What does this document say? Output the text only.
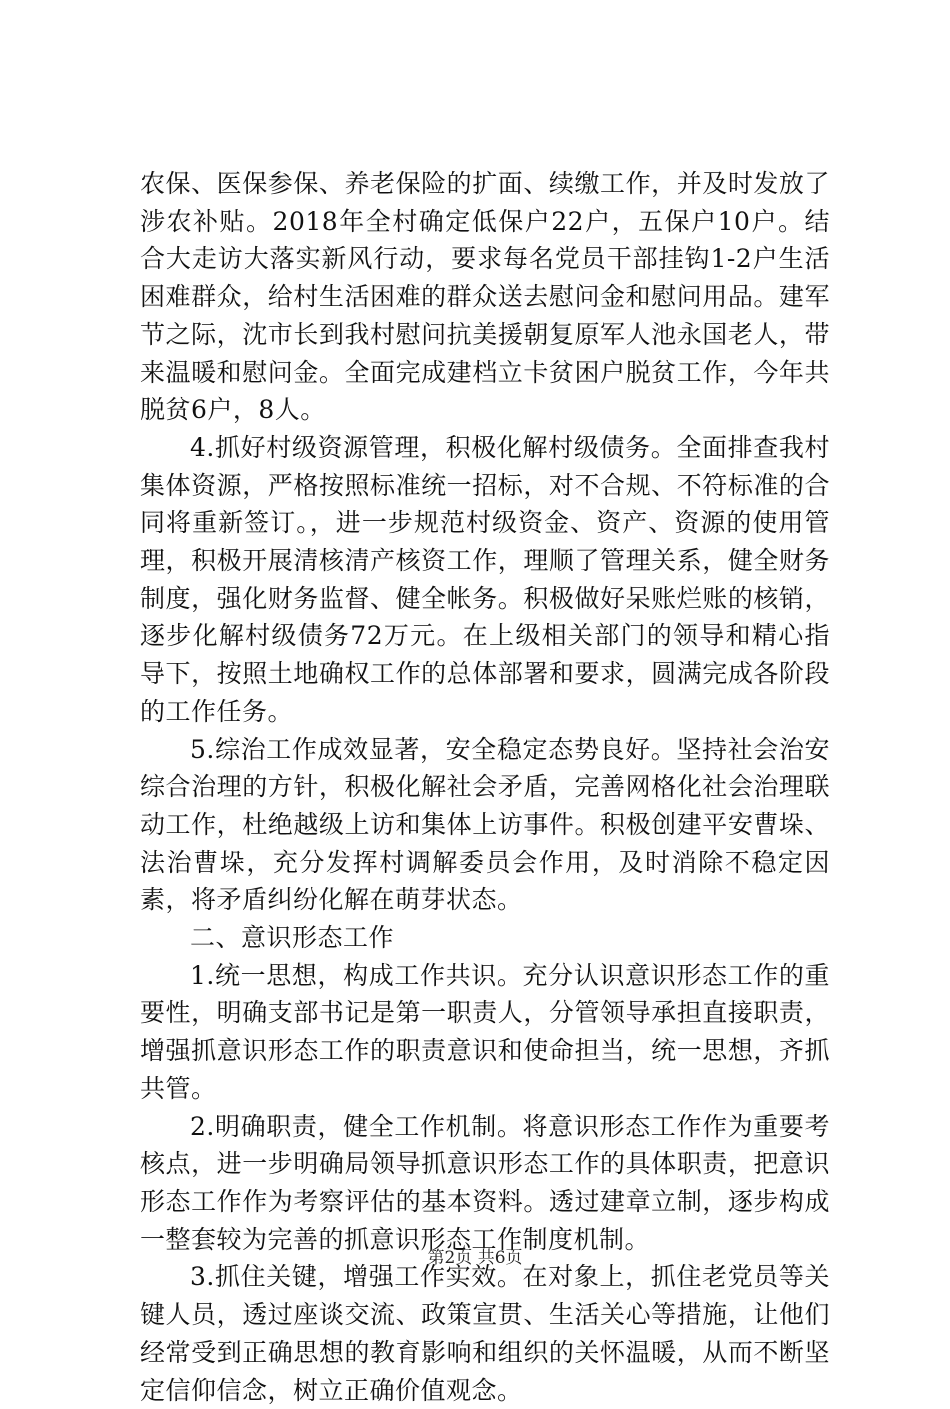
农保、医保参保、养老保险的扩面、续缴工作，并及时发放了涉农补贴。2018年全村确定低保户22户，五保户10户。结合大走访大落实新风行动，要求每名党员干部挂钩1-2户生活困难群众，给村生活困难的群众送去慰问金和慰问用品。建军节之际，沈市长到我村慰问抗美援朝复原军人池永国老人，带来温暖和慰问金。全面完成建档立卡贫困户脱贫工作，今年共脱贫6户，8人。

4.抓好村级资源管理，积极化解村级债务。全面排查我村集体资源，严格按照标准统一招标，对不合规、不符标准的合同将重新签订。，进一步规范村级资金、资产、资源的使用管理，积极开展清核清产核资工作，理顺了管理关系，健全财务制度，强化财务监督、健全帐务。积极做好呆账烂账的核销，逐步化解村级债务72万元。在上级相关部门的领导和精心指导下，按照土地确权工作的总体部署和要求，圆满完成各阶段的工作任务。

5.综治工作成效显著，安全稳定态势良好。坚持社会治安综合治理的方针，积极化解社会矛盾，完善网格化社会治理联动工作，杜绝越级上访和集体上访事件。积极创建平安曹垛、法治曹垛，充分发挥村调解委员会作用，及时消除不稳定因素，将矛盾纠纷化解在萌芽状态。

二、意识形态工作

1.统一思想，构成工作共识。充分认识意识形态工作的重要性，明确支部书记是第一职责人，分管领导承担直接职责，增强抓意识形态工作的职责意识和使命担当，统一思想，齐抓共管。

2.明确职责，健全工作机制。将意识形态工作作为重要考核点，进一步明确局领导抓意识形态工作的具体职责，把意识形态工作作为考察评估的基本资料。透过建章立制，逐步构成一整套较为完善的抓意识形态工作制度机制。

3.抓住关键，增强工作实效。在对象上，抓住老党员等关键人员，透过座谈交流、政策宣贯、生活关心等措施，让他们经常受到正确思想的教育影响和组织的关怀温暖，从而不断坚定信仰信念，树立正确价值观念。

第2页 共6页
